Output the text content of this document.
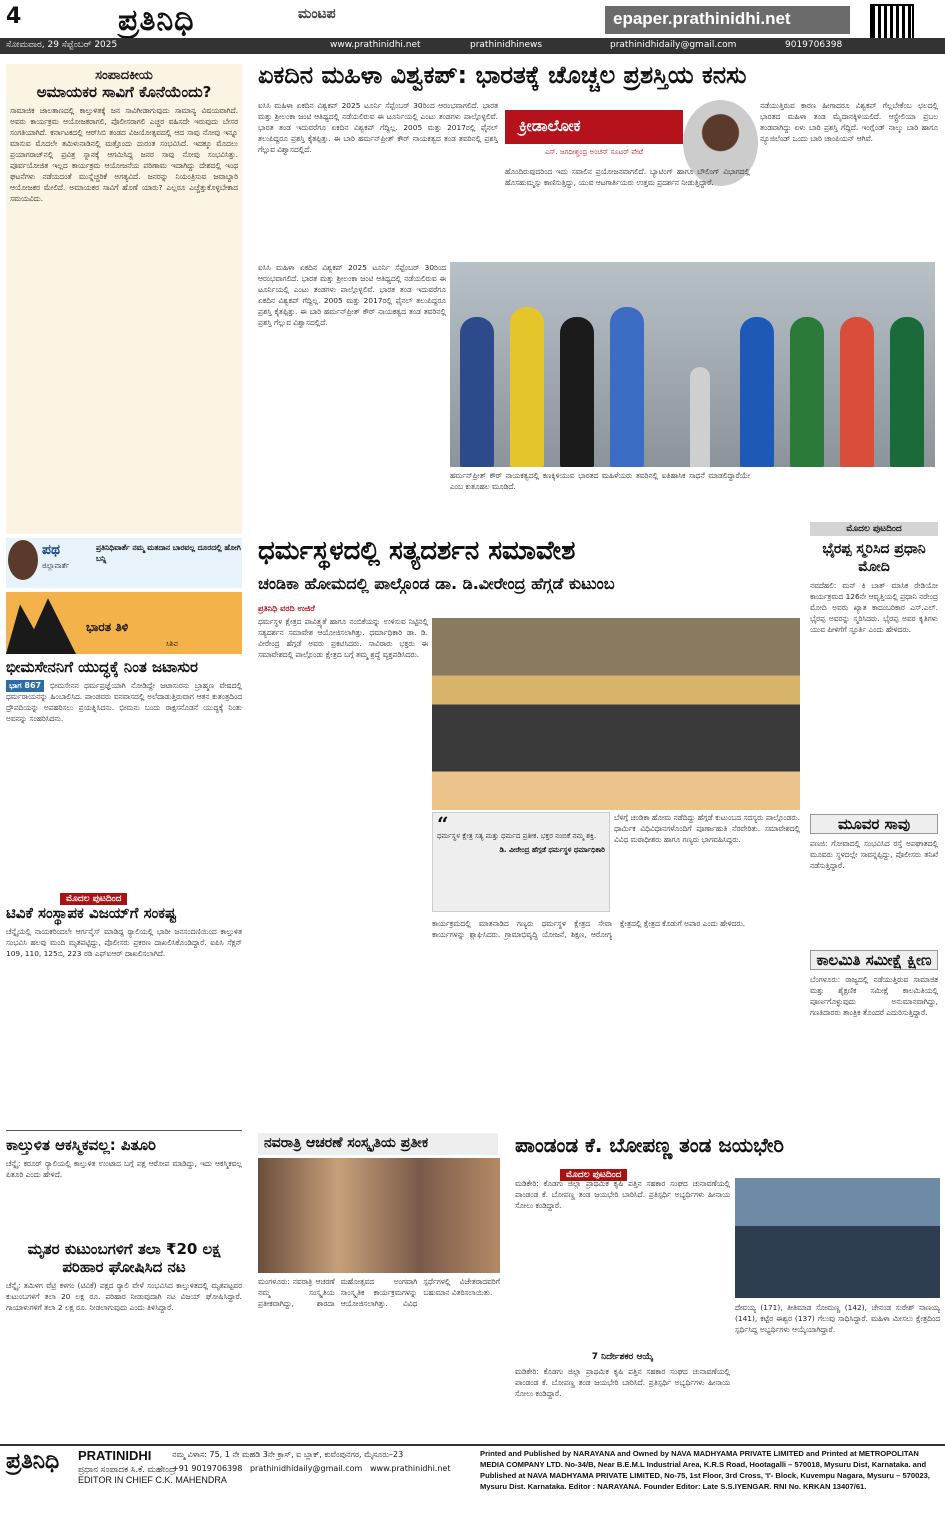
4	ಪ್ರತಿನಿಧಿ	ಮಂಟಪ	epaper.prathinidhi.net
ಸೋಮವಾರ, 29 ಸೆಪ್ಟೆಂಬರ್ 2025	www.prathinidhi.net	prathinidhinews	prathinidhidaily@gmail.com	9019706398
ಸಂಪಾದಕೀಯ
ಅಮಾಯಕರ ಸಾವಿಗೆ ಕೊನೆಯೆಂದು?
ಸಾಮಾಜಿಕ ಜಾಲತಾಣದಲ್ಲಿ ಕಾಲ್ತುಳಿತಕ್ಕೆ ಜನ ಸಾವಿಗೀಡಾಗುವುದು ಸಾಮಾನ್ಯ ವಿಷಯವಾಗಿದೆ. ಅವರು ಕಾರ್ಯಕ್ರಮ ಆಯೋಜಕರಾಗಲಿ, ಪೊಲೀಸರಾಗಲಿ ಎಚ್ಚರ ವಹಿಸದೇ ಇರುವುದು ಬೇಸರ ಸಂಗತಿಯಾಗಿದೆ. ಕರ್ನಾಟಕದಲ್ಲಿ ಆರ್‌ಸಿಬಿ ತಂಡದ ವಿಜಯೋತ್ಸವದಲ್ಲಿ ಆದ ಸಾವು ನೋವು ಇನ್ನೂ ಮಾಸುವ ಮೊದಲೇ ತಮಿಳುನಾಡಿನಲ್ಲಿ ಮತ್ತೊಂದು ದುರಂತ ಸಂಭವಿಸಿದೆ. ಇದಕ್ಕೂ ಮೊದಲು ಪ್ರಯಾಗರಾಜ್‌ನಲ್ಲಿ ಪ್ರವಿತ್ರ ಸ್ನಾನಕ್ಕೆ ಆಗಮಿಸಿದ್ದ ಜನರ ಸಾವು ನೋವು ಸಂಭವಿಸಿತ್ತು. ಪೂರ್ವಯೋಜಿತ ಇಲ್ಲದ ಕಾರ್ಯಕ್ರಮ ಆಯೋಜನೆಯ ಪರಿಣಾಮ ಇದಾಗಿದ್ದು ದೇಶದಲ್ಲಿ ಇಂಥ ಘಟನೆಗಳು ನಡೆಯದಂತೆ ಮುನ್ನೆಚ್ಚರಿಕೆ ಅಗತ್ಯವಿದೆ. ಜನರನ್ನು ನಿಯಂತ್ರಿಸುವ ಜವಾಬ್ದಾರಿ ಆಯೋಜಕರ ಮೇಲಿದೆ. ಅಮಾಯಕರ ಸಾವಿಗೆ ಹೊಣೆ ಯಾರು? ಎಲ್ಲರೂ ಎಚ್ಚೆತ್ತುಕೊಳ್ಳಬೇಕಾದ ಸಮಯವಿದು.
ಪಥ
ಜಿಲ್ಲಾವಾರ್ತೆ
ಪ್ರತಿನಿಧಿವಾರ್ತೆ ನಮ್ಮ ಮತದಾನ ಬಾರವಲ್ಲ ದೂರದಲ್ಲಿ ಹೋಗಿ ಬನ್ನಿ
ಭಾರತ ತಿಳಿ
ಸಿಶಿವ
ಭೀಮಸೇನನಿಗೆ ಯುದ್ಧಕ್ಕೆ ನಿಂತ ಜಟಾಸುರ
ಭಾಗ 867	ಭೀಮಸೇನನ ಧರ್ಮಪ್ರಜ್ಞೆಯಾಗಿ ನೋಡಿದ್ದೇ ಜಟಾಸುರನು ಬ್ರಾಹ್ಮಣ ವೇಷದಲ್ಲಿ ಧರ್ಮರಾಯನನ್ನು ಹಿಂಬಾಲಿಸಿದ. ಪಾಂಡವರು ವನವಾಸದಲ್ಲಿ ಅಲೆದಾಡುತ್ತಿರುವಾಗ ಆತನ ಕುತಂತ್ರದಿಂದ ದ್ರೌಪದಿಯನ್ನು ಅಪಹರಿಸಲು ಪ್ರಯತ್ನಿಸಿದನು. ಭೀಮನು ಬಂದು ರಾಕ್ಷಸನೊಡನೆ ಯುದ್ಧಕ್ಕೆ ನಿಂತು ಅವನನ್ನು ಸಂಹರಿಸಿದನು.
ಮೊದಲ ಪುಟದಿಂದ
ಟಿವಿಕೆ ಸಂಸ್ಥಾಪಕ ವಿಜಯ್‌ಗೆ ಸಂಕಷ್ಟ
ಚೆನ್ನೈಯಲ್ಲಿ ನಾಯಕರಿಂದಲೇ ಆರ್ಗನೈಸ್ ಮಾಡಿದ್ದ ರ‍್ಯಾಲಿಯಲ್ಲಿ ಭಾರೀ ಜನಸಂದಣಿಯಿಂದ ಕಾಲ್ತುಳಿತ ಸಂಭವಿಸಿ ಹಲವು ಮಂದಿ ಮೃತಪಟ್ಟಿದ್ದು, ಪೊಲೀಸರು ಪ್ರಕರಣ ದಾಖಲಿಸಿಕೊಂಡಿದ್ದಾರೆ. ಐಪಿಸಿ ಸೆಕ್ಷನ್ 109, 110, 125ಬಿ, 223 ರಡಿ ಎಫ್‌ಐಆರ್ ದಾಖಲಿಸಲಾಗಿದೆ.
ಕಾಲ್ತುಳಿತ ಆಕಸ್ಮಿಕವಲ್ಲ: ಪಿತೂರಿ
ಚೆನ್ನೈ: ಕರೂರ್ ರ‍್ಯಾಲಿಯಲ್ಲಿ ಕಾಲ್ತುಳಿತ ಉಂಟಾದ ಬಗ್ಗೆ ಪಕ್ಷ ಆರೋಪ ಮಾಡಿದ್ದು, ಇದು ಆಕಸ್ಮಿಕವಲ್ಲ ಪಿತೂರಿ ಎಂದು ಹೇಳಿದೆ.
ಮೃತರ ಕುಟುಂಬಗಳಿಗೆ ತಲಾ ₹20 ಲಕ್ಷ ಪರಿಹಾರ ಘೋಷಿಸಿದ ನಟ
ಚೆನ್ನೈ: ತಮಿಳಗ ವೆಟ್ರಿ ಕಳಗಂ (ಟಿವಿಕೆ) ಪಕ್ಷದ ರ‍್ಯಾಲಿ ವೇಳೆ ಸಂಭವಿಸಿದ ಕಾಲ್ತುಳಿತದಲ್ಲಿ ಮೃತಪಟ್ಟವರ ಕುಟುಂಬಗಳಿಗೆ ತಲಾ 20 ಲಕ್ಷ ರೂ. ಪರಿಹಾರ ನೀಡುವುದಾಗಿ ನಟ ವಿಜಯ್ ಘೋಷಿಸಿದ್ದಾರೆ. ಗಾಯಾಳುಗಳಿಗೆ ತಲಾ 2 ಲಕ್ಷ ರೂ. ನೀಡಲಾಗುವುದು ಎಂದು ತಿಳಿಸಿದ್ದಾರೆ.
ಏಕದಿನ ಮಹಿಳಾ ವಿಶ್ವಕಪ್: ಭಾರತಕ್ಕೆ ಚೊಚ್ಚಲ ಪ್ರಶಸ್ತಿಯ ಕನಸು
ಐಸಿಸಿ ಮಹಿಳಾ ಏಕದಿನ ವಿಶ್ವಕಪ್ 2025 ಟೂರ್ನಿ ಸೆಪ್ಟೆಂಬರ್ 30ರಿಂದ ಆರಂಭವಾಗಲಿದೆ. ಭಾರತ ಮತ್ತು ಶ್ರೀಲಂಕಾ ಜಂಟಿ ಆತಿಥ್ಯದಲ್ಲಿ ನಡೆಯಲಿರುವ ಈ ಟೂರ್ನಿಯಲ್ಲಿ ಎಂಟು ತಂಡಗಳು ಪಾಲ್ಗೊಳ್ಳಲಿವೆ. ಭಾರತ ತಂಡ ಇದುವರೆಗೂ ಏಕದಿನ ವಿಶ್ವಕಪ್ ಗೆದ್ದಿಲ್ಲ. 2005 ಮತ್ತು 2017ರಲ್ಲಿ ಫೈನಲ್ ತಲುಪಿದ್ದರೂ ಪ್ರಶಸ್ತಿ ಕೈತಪ್ಪಿತ್ತು. ಈ ಬಾರಿ ಹರ್ಮನ್‌ಪ್ರೀತ್ ಕೌರ್ ನಾಯಕತ್ವದ ತಂಡ ತವರಿನಲ್ಲಿ ಪ್ರಶಸ್ತಿ ಗೆಲ್ಲುವ ವಿಶ್ವಾಸದಲ್ಲಿದೆ.
ಕ್ರೀಡಾಲೋಕ
ಎಸ್. ಜಗದೀಶ್ಚಂದ್ರ ಅಂಚನ್ ಸೂಟರ್ ಪೇಟೆ
ಹೊಂದಿರುವುದರಿಂದ ಇದು ಸವಾಲಿನ ಪ್ರಯೋಜನವಾಗಲಿದೆ. ಬ್ಯಾಟಿಂಗ್ ಹಾಗೂ ಬೌಲಿಂಗ್ ವಿಭಾಗದಲ್ಲಿ ಹೊಸಹುಮ್ಮಸ್ಸು ಕಾಣಿಸುತ್ತಿದ್ದು, ಯುವ ಆಟಗಾರ್ತಿಯರು ಉತ್ತಮ ಪ್ರದರ್ಶನ ನೀಡುತ್ತಿದ್ದಾರೆ.
ನಡೆಯುತ್ತಿರುವ ಕಾರಣ ಹೀಗಾದರೂ ವಿಶ್ವಕಪ್ ಗೆಲ್ಲಬೇಕೆಂಬ ಛಲದಲ್ಲಿ ಭಾರತದ ಮಹಿಳಾ ತಂಡ ಮೈದಾನಕ್ಕಿಳಿಯಲಿದೆ. ಆಸ್ಟ್ರೇಲಿಯಾ ಪ್ರಬಲ ತಂಡವಾಗಿದ್ದು ಏಳು ಬಾರಿ ಪ್ರಶಸ್ತಿ ಗೆದ್ದಿದೆ. ಇಂಗ್ಲೆಂಡ್ ನಾಲ್ಕು ಬಾರಿ ಹಾಗೂ ನ್ಯೂಜಿಲೆಂಡ್ ಒಂದು ಬಾರಿ ಚಾಂಪಿಯನ್ ಆಗಿವೆ.
ಐಸಿಸಿ ಮಹಿಳಾ ಏಕದಿನ ವಿಶ್ವಕಪ್ 2025 ಟೂರ್ನಿ ಸೆಪ್ಟೆಂಬರ್ 30ರಿಂದ ಆರಂಭವಾಗಲಿದೆ. ಭಾರತ ಮತ್ತು ಶ್ರೀಲಂಕಾ ಜಂಟಿ ಆತಿಥ್ಯದಲ್ಲಿ ನಡೆಯಲಿರುವ ಈ ಟೂರ್ನಿಯಲ್ಲಿ ಎಂಟು ತಂಡಗಳು ಪಾಲ್ಗೊಳ್ಳಲಿವೆ. ಭಾರತ ತಂಡ ಇದುವರೆಗೂ ಏಕದಿನ ವಿಶ್ವಕಪ್ ಗೆದ್ದಿಲ್ಲ. 2005 ಮತ್ತು 2017ರಲ್ಲಿ ಫೈನಲ್ ತಲುಪಿದ್ದರೂ ಪ್ರಶಸ್ತಿ ಕೈತಪ್ಪಿತ್ತು. ಈ ಬಾರಿ ಹರ್ಮನ್‌ಪ್ರೀತ್ ಕೌರ್ ನಾಯಕತ್ವದ ತಂಡ ತವರಿನಲ್ಲಿ ಪ್ರಶಸ್ತಿ ಗೆಲ್ಲುವ ವಿಶ್ವಾಸದಲ್ಲಿದೆ.
ಹರ್ಮನ್‌ಪ್ರೀತ್ ಕೌರ್ ನಾಯಕತ್ವದಲ್ಲಿ ಕಣಕ್ಕಿಳಿಯುವ ಭಾರತದ ಮಹಿಳೆಯರು ತವರಿನಲ್ಲಿ ಐತಿಹಾಸಿಕ ಸಾಧನೆ ಮಾಡಲಿದ್ದಾರೆಯೇ ಎಂಬ ಕುತೂಹಲ ಮೂಡಿದೆ.
ಧರ್ಮಸ್ಥಳದಲ್ಲಿ ಸತ್ಯದರ್ಶನ ಸಮಾವೇಶ
ಚಂಡಿಕಾ ಹೋಮದಲ್ಲಿ ಪಾಲ್ಗೊಂಡ ಡಾ. ಡಿ.ವೀರೇಂದ್ರ ಹೆಗ್ಗಡೆ ಕುಟುಂಬ
ಪ್ರತಿನಿಧಿ ವರದಿ ಉಜಿರೆ
ಧರ್ಮಸ್ಥಳ ಕ್ಷೇತ್ರದ ಪಾವಿತ್ರ್ಯತೆ ಹಾಗೂ ನಂಬಿಕೆಯನ್ನು ಉಳಿಸುವ ನಿಟ್ಟಿನಲ್ಲಿ ಸತ್ಯದರ್ಶನ ಸಮಾವೇಶ ಆಯೋಜಿಸಲಾಗಿತ್ತು. ಧರ್ಮಾಧಿಕಾರಿ ಡಾ. ಡಿ. ವೀರೇಂದ್ರ ಹೆಗ್ಗಡೆ ಅವರು ಪ್ರಕಟಿಸಿದರು. ಸಾವಿರಾರು ಭಕ್ತರು ಈ ಸಮಾವೇಶದಲ್ಲಿ ಪಾಲ್ಗೊಂಡು ಕ್ಷೇತ್ರದ ಬಗ್ಗೆ ತಮ್ಮ ಶ್ರದ್ಧೆ ವ್ಯಕ್ತಪಡಿಸಿದರು.
“
ಧರ್ಮಸ್ಥಳ ಕ್ಷೇತ್ರ ಸತ್ಯ ಮತ್ತು ಧರ್ಮದ ಪ್ರತೀಕ. ಭಕ್ತರ ನಂಬಿಕೆ ನಮ್ಮ ಶಕ್ತಿ.
ಡಿ. ವೀರೇಂದ್ರ ಹೆಗ್ಗಡೆ ಧರ್ಮಸ್ಥಳ ಧರ್ಮಾಧಿಕಾರಿ
ಬೆಳಿಗ್ಗೆ ಚಂಡಿಕಾ ಹೋಮ ನಡೆದಿದ್ದು ಹೆಗ್ಗಡೆ ಕುಟುಂಬದ ಸದಸ್ಯರು ಪಾಲ್ಗೊಂಡರು. ಧಾರ್ಮಿಕ ವಿಧಿವಿಧಾನಗಳೊಂದಿಗೆ ಪೂರ್ಣಾಹುತಿ ನೆರವೇರಿತು. ಸಮಾವೇಶದಲ್ಲಿ ವಿವಿಧ ಮಠಾಧೀಶರು ಹಾಗೂ ಗಣ್ಯರು ಭಾಗವಹಿಸಿದ್ದರು.
ಕಾರ್ಯಕ್ರಮದಲ್ಲಿ ಮಾತನಾಡಿದ ಗಣ್ಯರು ಧರ್ಮಸ್ಥಳ ಕ್ಷೇತ್ರದ ಸೇವಾ ಕಾರ್ಯಗಳನ್ನು ಶ್ಲಾಘಿಸಿದರು. ಗ್ರಾಮಾಭಿವೃದ್ಧಿ ಯೋಜನೆ, ಶಿಕ್ಷಣ, ಆರೋಗ್ಯ ಕ್ಷೇತ್ರದಲ್ಲಿ ಕ್ಷೇತ್ರದ ಕೊಡುಗೆ ಅಪಾರ ಎಂದು ಹೇಳಿದರು.
ಮೊದಲ ಪುಟದಿಂದ
ಭೈರಪ್ಪ ಸ್ಮರಿಸಿದ ಪ್ರಧಾನಿ ಮೋದಿ
ನವದೆಹಲಿ: ಮನ್ ಕಿ ಬಾತ್ ಮಾಸಿಕ ರೇಡಿಯೋ ಕಾರ್ಯಕ್ರಮದ 126ನೇ ಆವೃತ್ತಿಯಲ್ಲಿ ಪ್ರಧಾನಿ ನರೇಂದ್ರ ಮೋದಿ ಅವರು ಖ್ಯಾತ ಕಾದಂಬರಿಕಾರ ಎಸ್.ಎಲ್. ಭೈರಪ್ಪ ಅವರನ್ನು ಸ್ಮರಿಸಿದರು. ಭೈರಪ್ಪ ಅವರ ಕೃತಿಗಳು ಯುವ ಪೀಳಿಗೆಗೆ ಸ್ಫೂರ್ತಿ ಎಂದು ಹೇಳಿದರು.
ಮೂವರ ಸಾವು
ಪಣಜಿ: ಗೋವಾದಲ್ಲಿ ಸಂಭವಿಸಿದ ರಸ್ತೆ ಅಪಘಾತದಲ್ಲಿ ಮೂವರು ಸ್ಥಳದಲ್ಲೇ ಸಾವನ್ನಪ್ಪಿದ್ದು, ಪೊಲೀಸರು ತನಿಖೆ ನಡೆಸುತ್ತಿದ್ದಾರೆ.
ಕಾಲಮಿತಿ ಸಮೀಕ್ಷೆ ಕ್ಷೀಣ
ಬೆಂಗಳೂರು: ರಾಜ್ಯದಲ್ಲಿ ನಡೆಯುತ್ತಿರುವ ಸಾಮಾಜಿಕ ಮತ್ತು ಶೈಕ್ಷಣಿಕ ಸಮೀಕ್ಷೆ ಕಾಲಮಿತಿಯಲ್ಲಿ ಪೂರ್ಣಗೊಳ್ಳುವುದು ಅನುಮಾನವಾಗಿದ್ದು, ಗಣತಿದಾರರು ತಾಂತ್ರಿಕ ತೊಂದರೆ ಎದುರಿಸುತ್ತಿದ್ದಾರೆ.
ನವರಾತ್ರಿ ಆಚರಣೆ ಸಂಸ್ಕೃತಿಯ ಪ್ರತೀಕ
ಮಂಗಳೂರು: ನವರಾತ್ರಿ ಆಚರಣೆ ನಮ್ಮ ಸಂಸ್ಕೃತಿಯ ಪ್ರತೀಕವಾಗಿದ್ದು, ಶಾರದಾ ಮಹೋತ್ಸವದ ಅಂಗವಾಗಿ ಸಾಂಸ್ಕೃತಿಕ ಕಾರ್ಯಕ್ರಮಗಳನ್ನು ಆಯೋಜಿಸಲಾಗಿತ್ತು. ವಿವಿಧ ಸ್ಪರ್ಧೆಗಳಲ್ಲಿ ವಿಜೇತರಾದವರಿಗೆ ಬಹುಮಾನ ವಿತರಿಸಲಾಯಿತು.
ಪಾಂಡಂಡ ಕೆ. ಬೋಪಣ್ಣ ತಂಡ ಜಯಭೇರಿ
ಮೊದಲ ಪುಟದಿಂದ
ಮಡಿಕೇರಿ: ಕೊಡಗು ಜಿಲ್ಲಾ ಪ್ರಾಥಮಿಕ ಕೃಷಿ ಪತ್ತಿನ ಸಹಕಾರ ಸಂಘದ ಚುನಾವಣೆಯಲ್ಲಿ ಪಾಂಡಂಡ ಕೆ. ಬೋಪಣ್ಣ ತಂಡ ಜಯಭೇರಿ ಬಾರಿಸಿದೆ. ಪ್ರತಿಸ್ಪರ್ಧಿ ಅಭ್ಯರ್ಥಿಗಳು ಹೀನಾಯ ಸೋಲು ಕಂಡಿದ್ದಾರೆ.
7 ನಿರ್ದೇಶಕರ ಆಯ್ಕೆ
ಮಡಿಕೇರಿ: ಕೊಡಗು ಜಿಲ್ಲಾ ಪ್ರಾಥಮಿಕ ಕೃಷಿ ಪತ್ತಿನ ಸಹಕಾರ ಸಂಘದ ಚುನಾವಣೆಯಲ್ಲಿ ಪಾಂಡಂಡ ಕೆ. ಬೋಪಣ್ಣ ತಂಡ ಜಯಭೇರಿ ಬಾರಿಸಿದೆ. ಪ್ರತಿಸ್ಪರ್ಧಿ ಅಭ್ಯರ್ಥಿಗಳು ಹೀನಾಯ ಸೋಲು ಕಂಡಿದ್ದಾರೆ.
ದೇವಯ್ಯ (171), ತೀತಿಮಾಡ ಸೋಮಣ್ಣ (142), ಚೇನಂಡ ಸುರೇಶ್ ನಾಣಯ್ಯ (141), ಕಟ್ಟೆರ ಈಶ್ವರ (137) ಗೆಲುವು ಸಾಧಿಸಿದ್ದಾರೆ. ಮಹಿಳಾ ಮೀಸಲು ಕ್ಷೇತ್ರದಿಂದ ಸ್ಪರ್ಧಿಸಿದ್ದ ಅಭ್ಯರ್ಥಿಗಳು ಆಯ್ಕೆಯಾಗಿದ್ದಾರೆ.
ಪ್ರತಿನಿಧಿ PRATINIDHI
ಪ್ರಧಾನ ಸಂಪಾದಕ ಸಿ.ಕೆ. ಮಹೇಂದ್ರ
EDITOR IN CHIEF C.K. MAHENDRA
ನಮ್ಮ ವಿಳಾಸ: 75, 1 ನೇ ಮಹಡಿ 3ನೇ ಕ್ರಾಸ್, ಐ ಬ್ಲಾಕ್, ಕುವೆಂಪುನಗರ, ಮೈಸೂರು–23
+91 9019706398 prathinidhidaily@gmail.com www.prathinidhi.net
Printed and Published by NARAYANA and Owned by NAVA MADHYAMA PRIVATE LIMITED and Printed at METROPOLITAN MEDIA COMPANY LTD. No-34/B, Near B.E.M.L Industrial Area, K.R.S Road, Hootagalli – 570018, Mysuru Dist, Karnataka. and Published at NAVA MADHYAMA PRIVATE LIMITED, No-75, 1st Floor, 3rd Cross, 'I'- Block, Kuvempu Nagara, Mysuru – 570023, Mysuru Dist. Karnataka. Editor : NARAYANA. Founder Editor: Late S.S.IYENGAR. RNI No. KRKAN 13407/61.
